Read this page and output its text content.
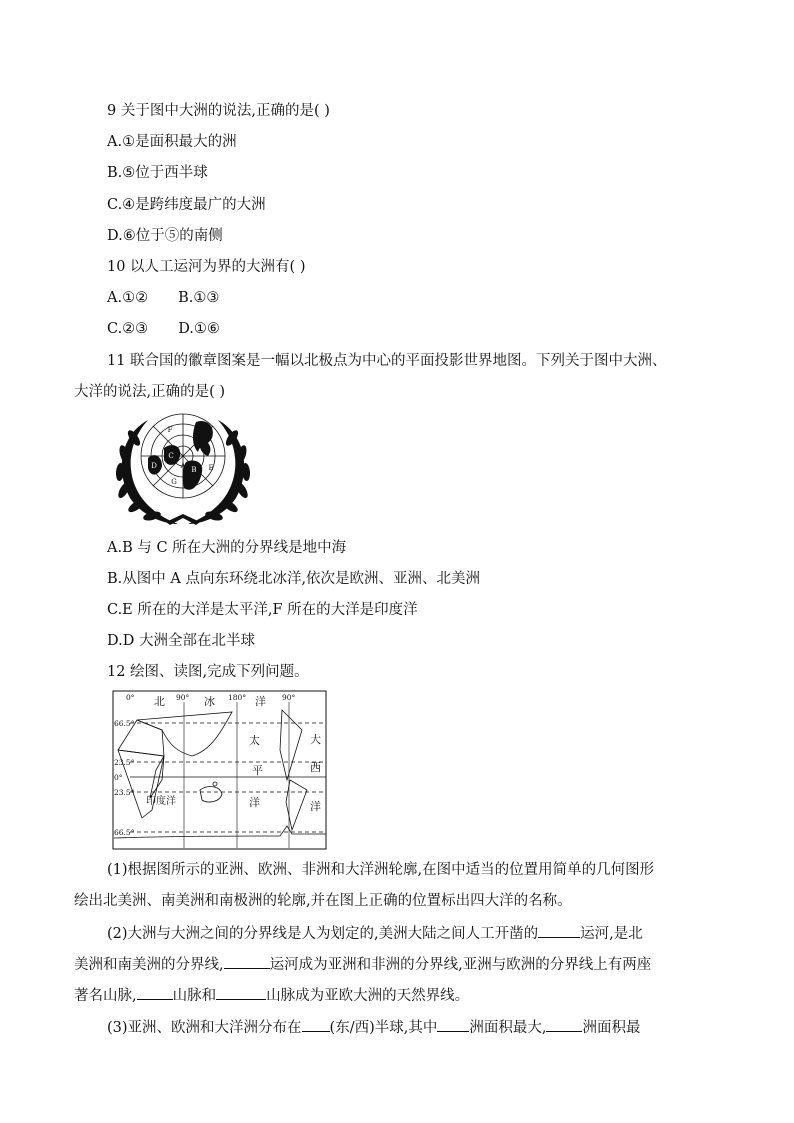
9 关于图中大洲的说法,正确的是( )
A.①是面积最大的洲
B.⑤位于西半球
C.④是跨纬度最广的大洲
D.⑥位于⑤的南侧
10 以人工运河为界的大洲有( )
A.①② B.①③
C.②③ D.①⑥
11 联合国的徽章图案是一幅以北极点为中心的平面投影世界地图。下列关于图中大洲、
大洋的说法,正确的是( )
F
C
A B
D	E
G
A.B 与 C 所在大洲的分界线是地中海
B.从图中 A 点向东环绕北冰洋,依次是欧洲、亚洲、北美洲
C.E 所在的大洋是太平洋,F 所在的大洋是印度洋
D.D 大洲全部在北半球
12 绘图、读图,完成下列问题。
0°	90°	180°	90°
66.5°
23.5°
0°
23.5°
66.5°
北	冰	洋
太
平
洋
大
西
洋
印度洋
(1)根据图所示的亚洲、欧洲、非洲和大洋洲轮廓,在图中适当的位置用简单的几何图形
绘出北美洲、南美洲和南极洲的轮廓,并在图上正确的位置标出四大洋的名称。
(2)大洲与大洲之间的分界线是人为划定的,美洲大陆之间人工开凿的	运河,是北
美洲和南美洲的分界线,	运河成为亚洲和非洲的分界线,亚洲与欧洲的分界线上有两座
著名山脉, 山脉和	山脉成为亚欧大洲的天然界线。
(3)亚洲、欧洲和大洋洲分布在 (东/西)半球,其中 洲面积最大, 洲面积最
